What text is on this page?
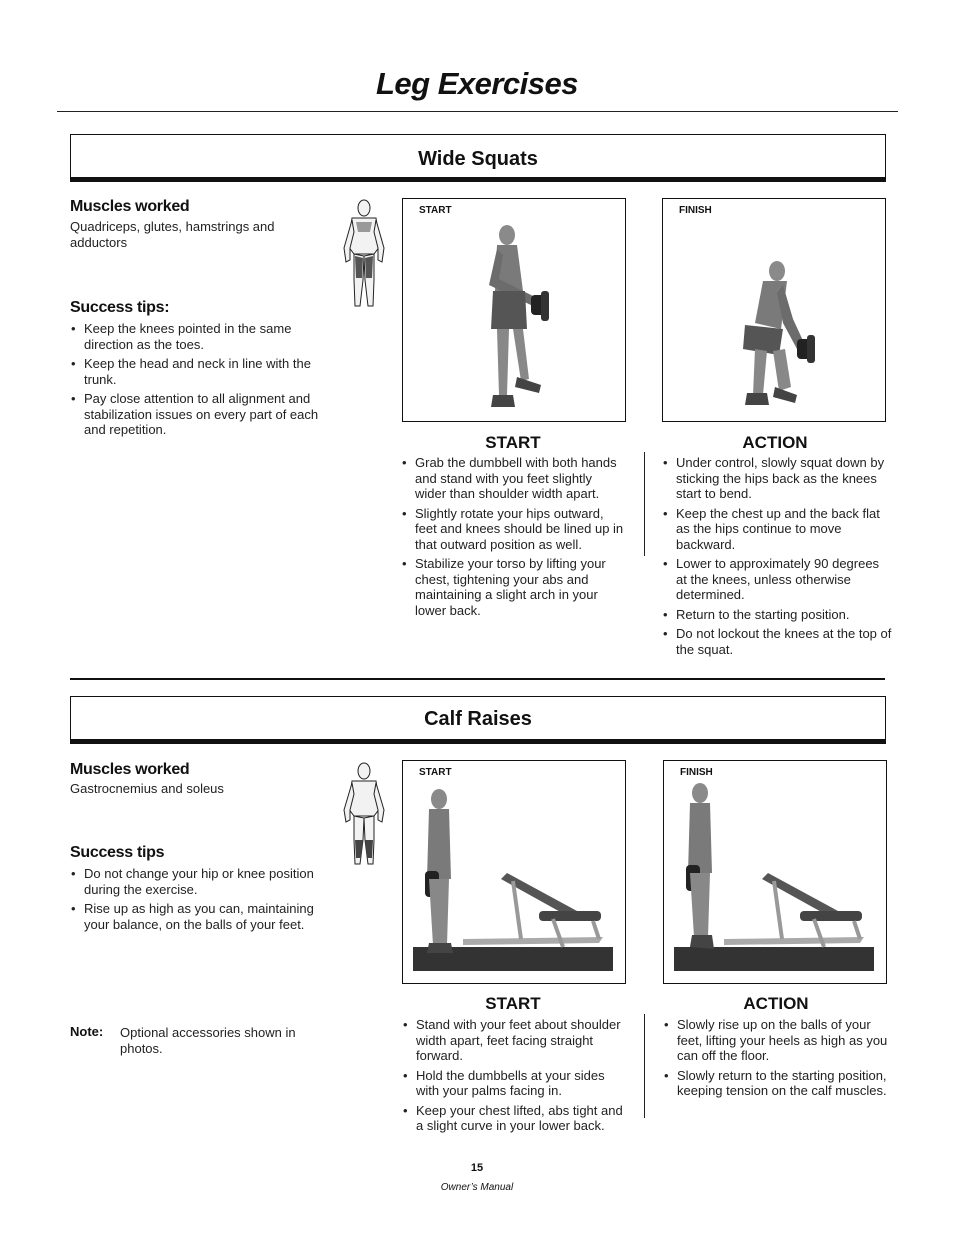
Leg Exercises
Wide Squats
Muscles worked
Quadriceps, glutes, hamstrings and adductors
Success tips:
• Keep the knees pointed in the same direction as the toes.
• Keep the head and neck in line with the trunk.
• Pay close attention to all alignment and stabilization issues on every part of each and repetition.
START	FINISH
START
• Grab the dumbbell with both hands and stand with you feet slightly wider than shoulder width apart.
• Slightly rotate your hips outward, feet and knees should be lined up in that outward position as well.
• Stabilize your torso by lifting your chest, tightening your abs and maintaining a slight arch in your lower back.
ACTION
• Under control, slowly squat down by sticking the hips back as the knees start to bend.
• Keep the chest up and the back flat as the hips continue to move backward.
• Lower to approximately 90 degrees at the knees, unless otherwise determined.
• Return to the starting position.
• Do not lockout the knees at the top of the squat.
Calf Raises
Muscles worked
Gastrocnemius and soleus
Success tips
• Do not change your hip or knee position during the exercise.
• Rise up as high as you can, maintaining your balance, on the balls of your feet.
Note: Optional accessories shown in photos.
START	FINISH
START
• Stand with your feet about shoulder width apart, feet facing straight forward.
• Hold the dumbbells at your sides with your palms facing in.
• Keep your chest lifted, abs tight and a slight curve in your lower back.
ACTION
• Slowly rise up on the balls of your feet, lifting your heels as high as you can off the floor.
• Slowly return to the starting position, keeping tension on the calf muscles.
15
Owner’s Manual
